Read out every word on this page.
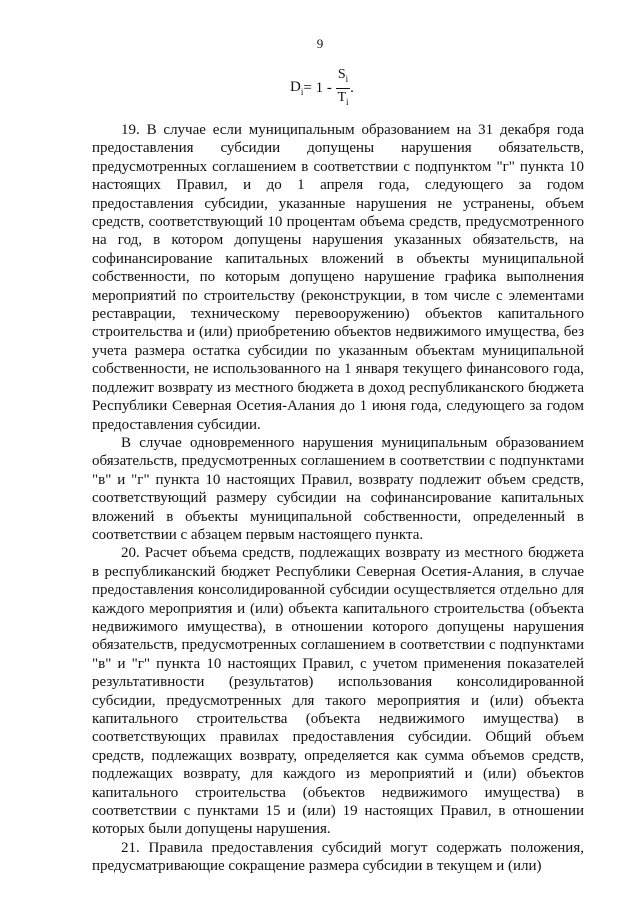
9
$D_i = 1 - \frac{S_i}{T_i}$ .

19. В случае если муниципальным образованием на 31 декабря года предоставления субсидии допущены нарушения обязательств, предусмотренных соглашением в соответствии с подпунктом "г" пункта 10 настоящих Правил, и до 1 апреля года, следующего за годом предоставления субсидии, указанные нарушения не устранены, объем средств, соответствующий 10 процентам объема средств, предусмотренного на год, в котором допущены нарушения указанных обязательств, на софинансирование капитальных вложений в объекты муниципальной собственности, по которым допущено нарушение графика выполнения мероприятий по строительству (реконструкции, в том числе с элементами реставрации, техническому перевооружению) объектов капитального строительства и (или) приобретению объектов недвижимого имущества, без учета размера остатка субсидии по указанным объектам муниципальной собственности, не использованного на 1 января текущего финансового года, подлежит возврату из местного бюджета в доход республиканского бюджета Республики Северная Осетия-Алания до 1 июня года, следующего за годом предоставления субсидии.

В случае одновременного нарушения муниципальным образованием обязательств, предусмотренных соглашением в соответствии с подпунктами "в" и "г" пункта 10 настоящих Правил, возврату подлежит объем средств, соответствующий размеру субсидии на софинансирование капитальных вложений в объекты муниципальной собственности, определенный в соответствии с абзацем первым настоящего пункта.

20. Расчет объема средств, подлежащих возврату из местного бюджета в республиканский бюджет Республики Северная Осетия-Алания, в случае предоставления консолидированной субсидии осуществляется отдельно для каждого мероприятия и (или) объекта капитального строительства (объекта недвижимого имущества), в отношении которого допущены нарушения обязательств, предусмотренных соглашением в соответствии с подпунктами "в" и "г" пункта 10 настоящих Правил, с учетом применения показателей результативности (результатов) использования консолидированной субсидии, предусмотренных для такого мероприятия и (или) объекта капитального строительства (объекта недвижимого имущества) в соответствующих правилах предоставления субсидии. Общий объем средств, подлежащих возврату, определяется как сумма объемов средств, подлежащих возврату, для каждого из мероприятий и (или) объектов капитального строительства (объектов недвижимого имущества) в соответствии с пунктами 15 и (или) 19 настоящих Правил, в отношении которых были допущены нарушения.

21. Правила предоставления субсидий могут содержать положения, предусматривающие сокращение размера субсидии в текущем и (или)
